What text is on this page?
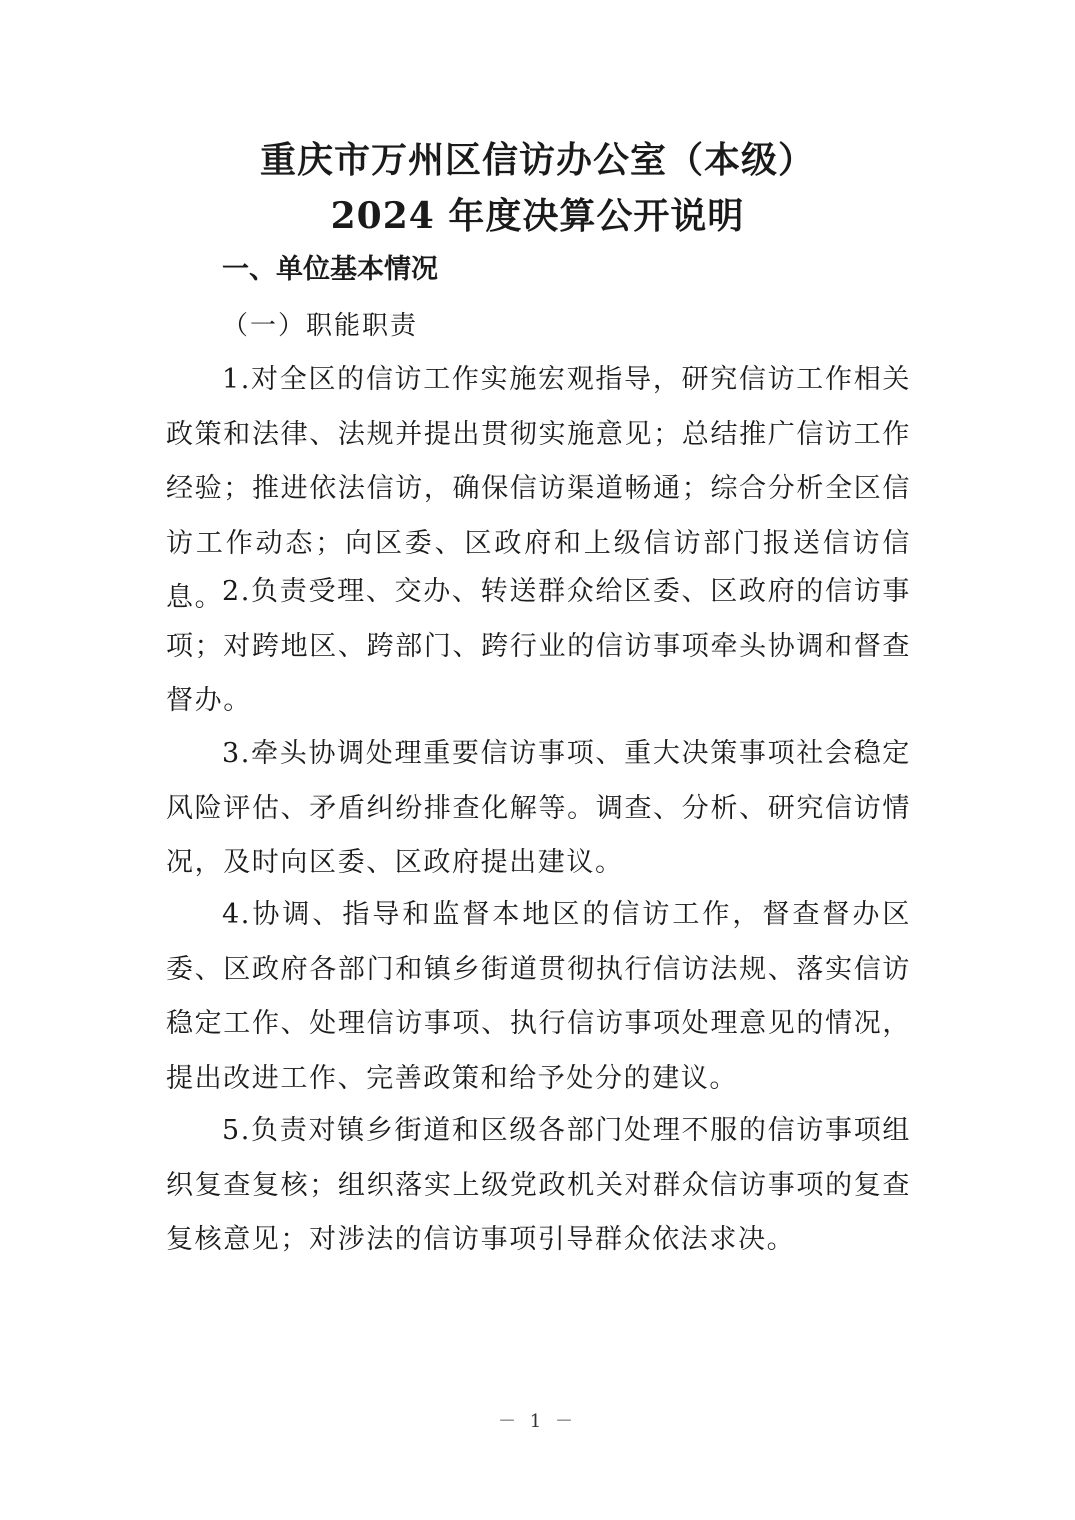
重庆市万州区信访办公室（本级）
2024 年度决算公开说明
一、单位基本情况
（一）职能职责

1.对全区的信访工作实施宏观指导，研究信访工作相关政策和法律、法规并提出贯彻实施意见；总结推广信访工作经验；推进依法信访，确保信访渠道畅通；综合分析全区信访工作动态；向区委、区政府和上级信访部门报送信访信息。

2.负责受理、交办、转送群众给区委、区政府的信访事项；对跨地区、跨部门、跨行业的信访事项牵头协调和督查督办。

3.牵头协调处理重要信访事项、重大决策事项社会稳定风险评估、矛盾纠纷排查化解等。调查、分析、研究信访情况，及时向区委、区政府提出建议。

4.协调、指导和监督本地区的信访工作，督查督办区委、区政府各部门和镇乡街道贯彻执行信访法规、落实信访稳定工作、处理信访事项、执行信访事项处理意见的情况，提出改进工作、完善政策和给予处分的建议。

5.负责对镇乡街道和区级各部门处理不服的信访事项组织复查复核；组织落实上级党政机关对群众信访事项的复查复核意见；对涉法的信访事项引导群众依法求决。

－ 1 －
